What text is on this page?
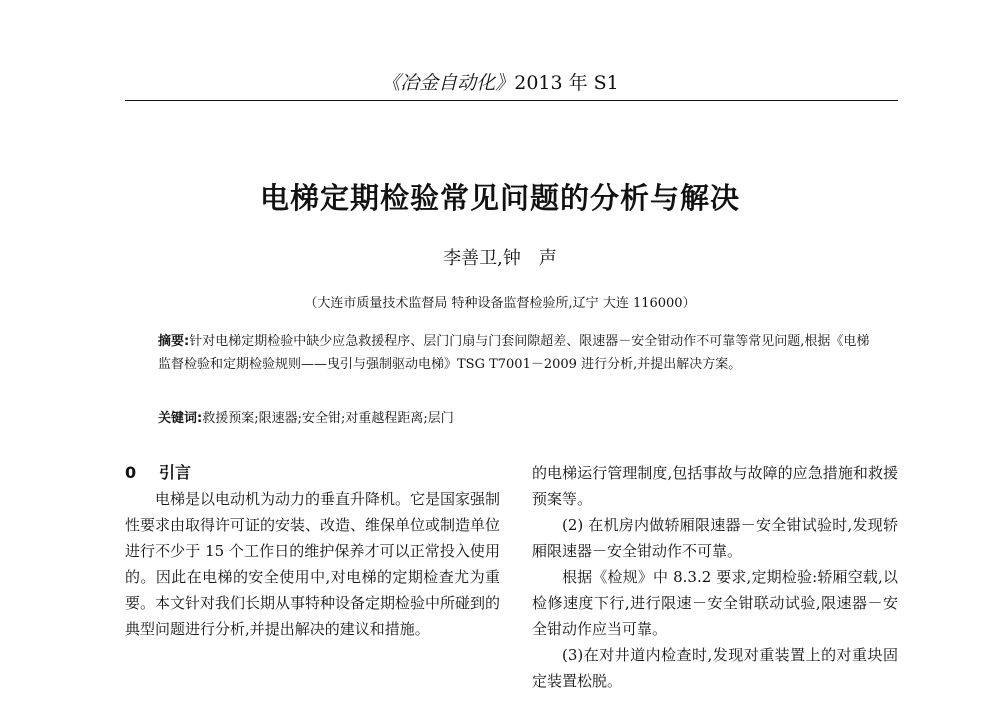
《冶金自动化》2013 年 S1
电梯定期检验常见问题的分析与解决
李善卫,钟　声
（大连市质量技术监督局 特种设备监督检验所,辽宁 大连 116000）
摘要:针对电梯定期检验中缺少应急救援程序、层门门扇与门套间隙超差、限速器－安全钳动作不可靠等常见问题,根据《电梯监督检验和定期检验规则——曳引与强制驱动电梯》TSG T7001－2009 进行分析,并提出解决方案。
关键词:救援预案;限速器;安全钳;对重越程距离;层门
0 引言

电梯是以电动机为动力的垂直升降机。它是国家强制性要求由取得许可证的安装、改造、维保单位或制造单位进行不少于 15 个工作日的维护保养才可以正常投入使用的。因此在电梯的安全使用中,对电梯的定期检查尤为重要。本文针对我们长期从事特种设备定期检验中所碰到的典型问题进行分析,并提出解决的建议和措施。

的电梯运行管理制度,包括事故与故障的应急措施和救援预案等。

(2) 在机房内做轿厢限速器－安全钳试验时,发现轿厢限速器－安全钳动作不可靠。

根据《检规》中 8.3.2 要求,定期检验:轿厢空载,以检修速度下行,进行限速－安全钳联动试验,限速器－安全钳动作应当可靠。

(3)在对井道内检查时,发现对重装置上的对重块固定装置松脱。
